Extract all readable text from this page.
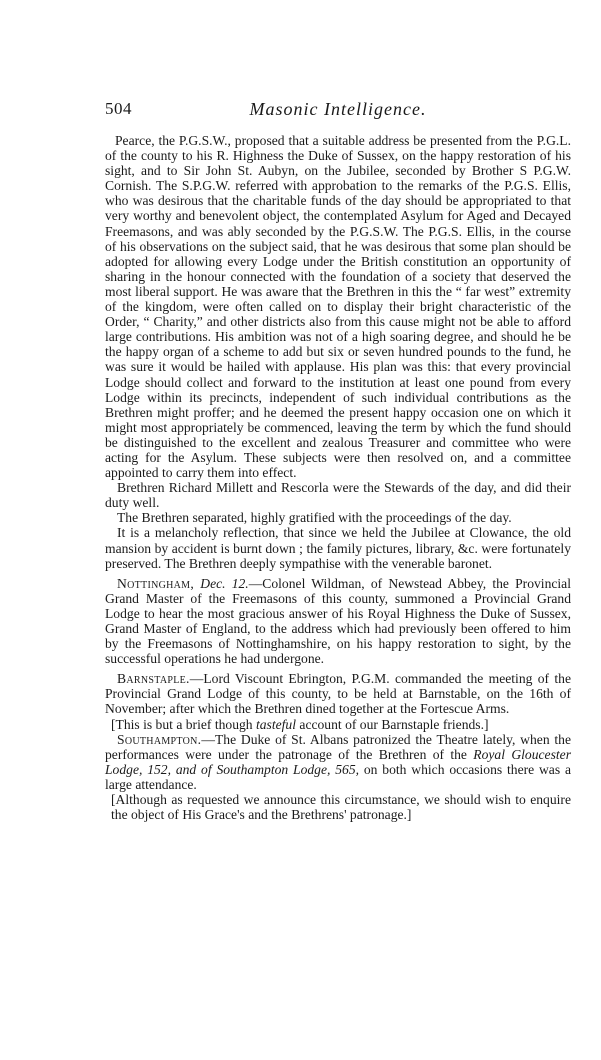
504	Masonic Intelligence.

Pearce, the P.G.S.W., proposed that a suitable address be presented from the P.G.L. of the county to his R. Highness the Duke of Sussex, on the happy restoration of his sight, and to Sir John St. Aubyn, on the Jubilee, seconded by Brother S P.G.W. Cornish. The S.P.G.W. referred with approbation to the remarks of the P.G.S. Ellis, who was desirous that the charitable funds of the day should be appropriated to that very worthy and benevolent object, the contemplated Asylum for Aged and Decayed Freemasons, and was ably seconded by the P.G.S.W. The P.G.S. Ellis, in the course of his observations on the subject said, that he was desirous that some plan should be adopted for allowing every Lodge under the British constitution an opportunity of sharing in the honour connected with the foundation of a society that deserved the most liberal support. He was aware that the Brethren in this the “ far west” extremity of the kingdom, were often called on to display their bright characteristic of the Order, “ Charity,” and other districts also from this cause might not be able to afford large contributions. His ambition was not of a high soaring degree, and should he be the happy organ of a scheme to add but six or seven hundred pounds to the fund, he was sure it would be hailed with applause. His plan was this: that every provincial Lodge should collect and forward to the institution at least one pound from every Lodge within its precincts, independent of such individual contributions as the Brethren might proffer; and he deemed the present happy occasion one on which it might most appropriately be commenced, leaving the term by which the fund should be distinguished to the excellent and zealous Treasurer and committee who were acting for the Asylum. These subjects were then resolved on, and a committee appointed to carry them into effect.

Brethren Richard Millett and Rescorla were the Stewards of the day, and did their duty well.

The Brethren separated, highly gratified with the proceedings of the day.

It is a melancholy reflection, that since we held the Jubilee at Clowance, the old mansion by accident is burnt down ; the family pictures, library, &c. were fortunately preserved. The Brethren deeply sympathise with the venerable baronet.

Nottingham, Dec. 12.—Colonel Wildman, of Newstead Abbey, the Provincial Grand Master of the Freemasons of this county, summoned a Provincial Grand Lodge to hear the most gracious answer of his Royal Highness the Duke of Sussex, Grand Master of England, to the address which had previously been offered to him by the Freemasons of Nottinghamshire, on his happy restoration to sight, by the successful operations he had undergone.

Barnstaple.—Lord Viscount Ebrington, P.G.M. commanded the meeting of the Provincial Grand Lodge of this county, to be held at Barnstable, on the 16th of November; after which the Brethren dined together at the Fortescue Arms.

[This is but a brief though tasteful account of our Barnstaple friends.]

Southampton.—The Duke of St. Albans patronized the Theatre lately, when the performances were under the patronage of the Brethren of the Royal Gloucester Lodge, 152, and of Southampton Lodge, 565, on both which occasions there was a large attendance.

[Although as requested we announce this circumstance, we should wish to enquire the object of His Grace's and the Brethrens' patronage.]
